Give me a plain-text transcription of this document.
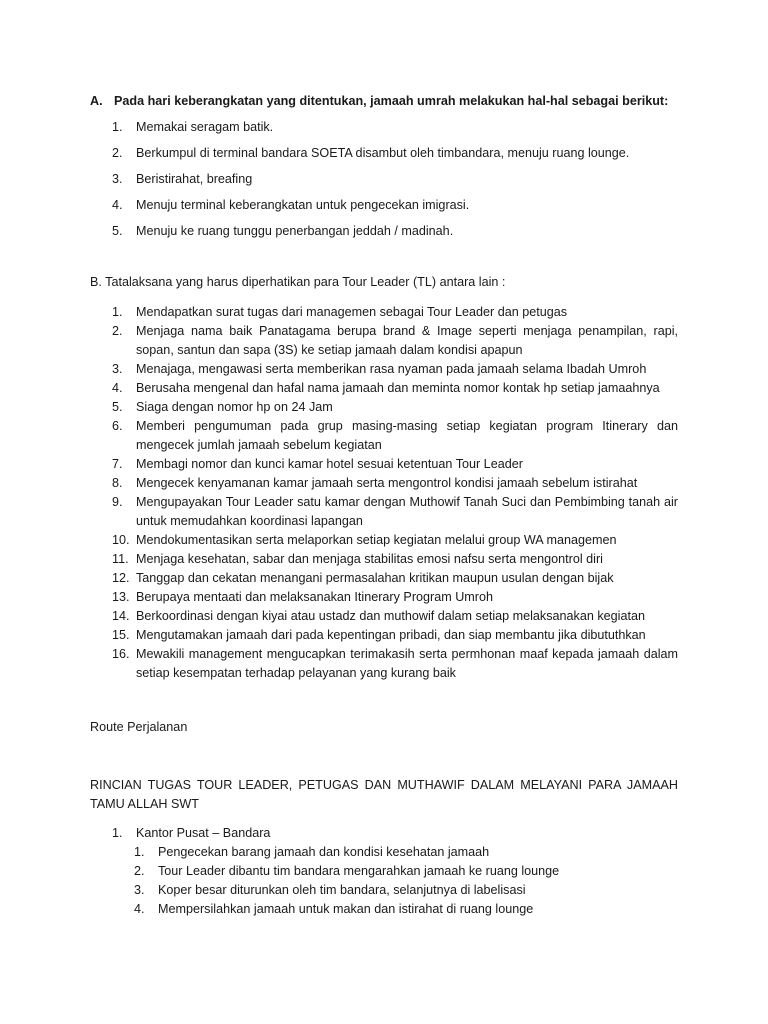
A. Pada hari keberangkatan yang ditentukan, jamaah umrah melakukan hal-hal sebagai berikut:
1.	Memakai seragam batik.
2.	Berkumpul di terminal bandara SOETA disambut oleh timbandara, menuju ruang lounge.
3.	Beristirahat, breafing
4.	Menuju terminal keberangkatan untuk pengecekan imigrasi.
5.	Menuju ke ruang tunggu penerbangan jeddah / madinah.
B. Tatalaksana yang harus diperhatikan para Tour Leader (TL) antara lain :
1.	Mendapatkan surat tugas dari managemen sebagai Tour Leader dan petugas
2.	Menjaga nama baik Panatagama berupa brand & Image seperti menjaga penampilan, rapi, sopan, santun dan sapa (3S) ke setiap jamaah dalam kondisi apapun
3.	Menajaga, mengawasi serta memberikan rasa nyaman pada jamaah selama Ibadah Umroh
4.	Berusaha mengenal dan hafal nama jamaah dan meminta nomor kontak hp setiap jamaahnya
5.	Siaga dengan nomor hp on 24 Jam
6.	Memberi pengumuman pada grup masing-masing setiap kegiatan program Itinerary dan mengecek jumlah jamaah sebelum kegiatan
7.	Membagi nomor dan kunci kamar hotel sesuai ketentuan Tour Leader
8.	Mengecek kenyamanan kamar jamaah serta mengontrol kondisi jamaah sebelum istirahat
9.	Mengupayakan Tour Leader satu kamar dengan Muthowif Tanah Suci dan Pembimbing tanah air untuk memudahkan koordinasi lapangan
10. Mendokumentasikan serta melaporkan setiap kegiatan melalui group WA managemen
11. Menjaga kesehatan, sabar dan menjaga stabilitas emosi nafsu serta mengontrol diri
12. Tanggap dan cekatan menangani permasalahan kritikan maupun usulan dengan bijak
13. Berupaya mentaati dan melaksanakan Itinerary Program Umroh
14. Berkoordinasi dengan kiyai atau ustadz dan muthowif dalam setiap melaksanakan kegiatan
15. Mengutamakan jamaah dari pada kepentingan pribadi, dan siap membantu jika dibututhkan
16. Mewakili management mengucapkan terimakasih serta permhonan maaf kepada jamaah dalam setiap kesempatan terhadap pelayanan yang kurang baik
Route Perjalanan
RINCIAN TUGAS TOUR LEADER, PETUGAS DAN MUTHAWIF DALAM MELAYANI PARA JAMAAH TAMU ALLAH SWT
1.	Kantor Pusat – Bandara
1.	Pengecekan barang jamaah dan kondisi kesehatan jamaah
2.	Tour Leader dibantu tim bandara mengarahkan jamaah ke ruang lounge
3.	Koper besar diturunkan oleh tim bandara, selanjutnya di labelisasi
4.	Mempersilahkan jamaah untuk makan dan istirahat di ruang lounge
